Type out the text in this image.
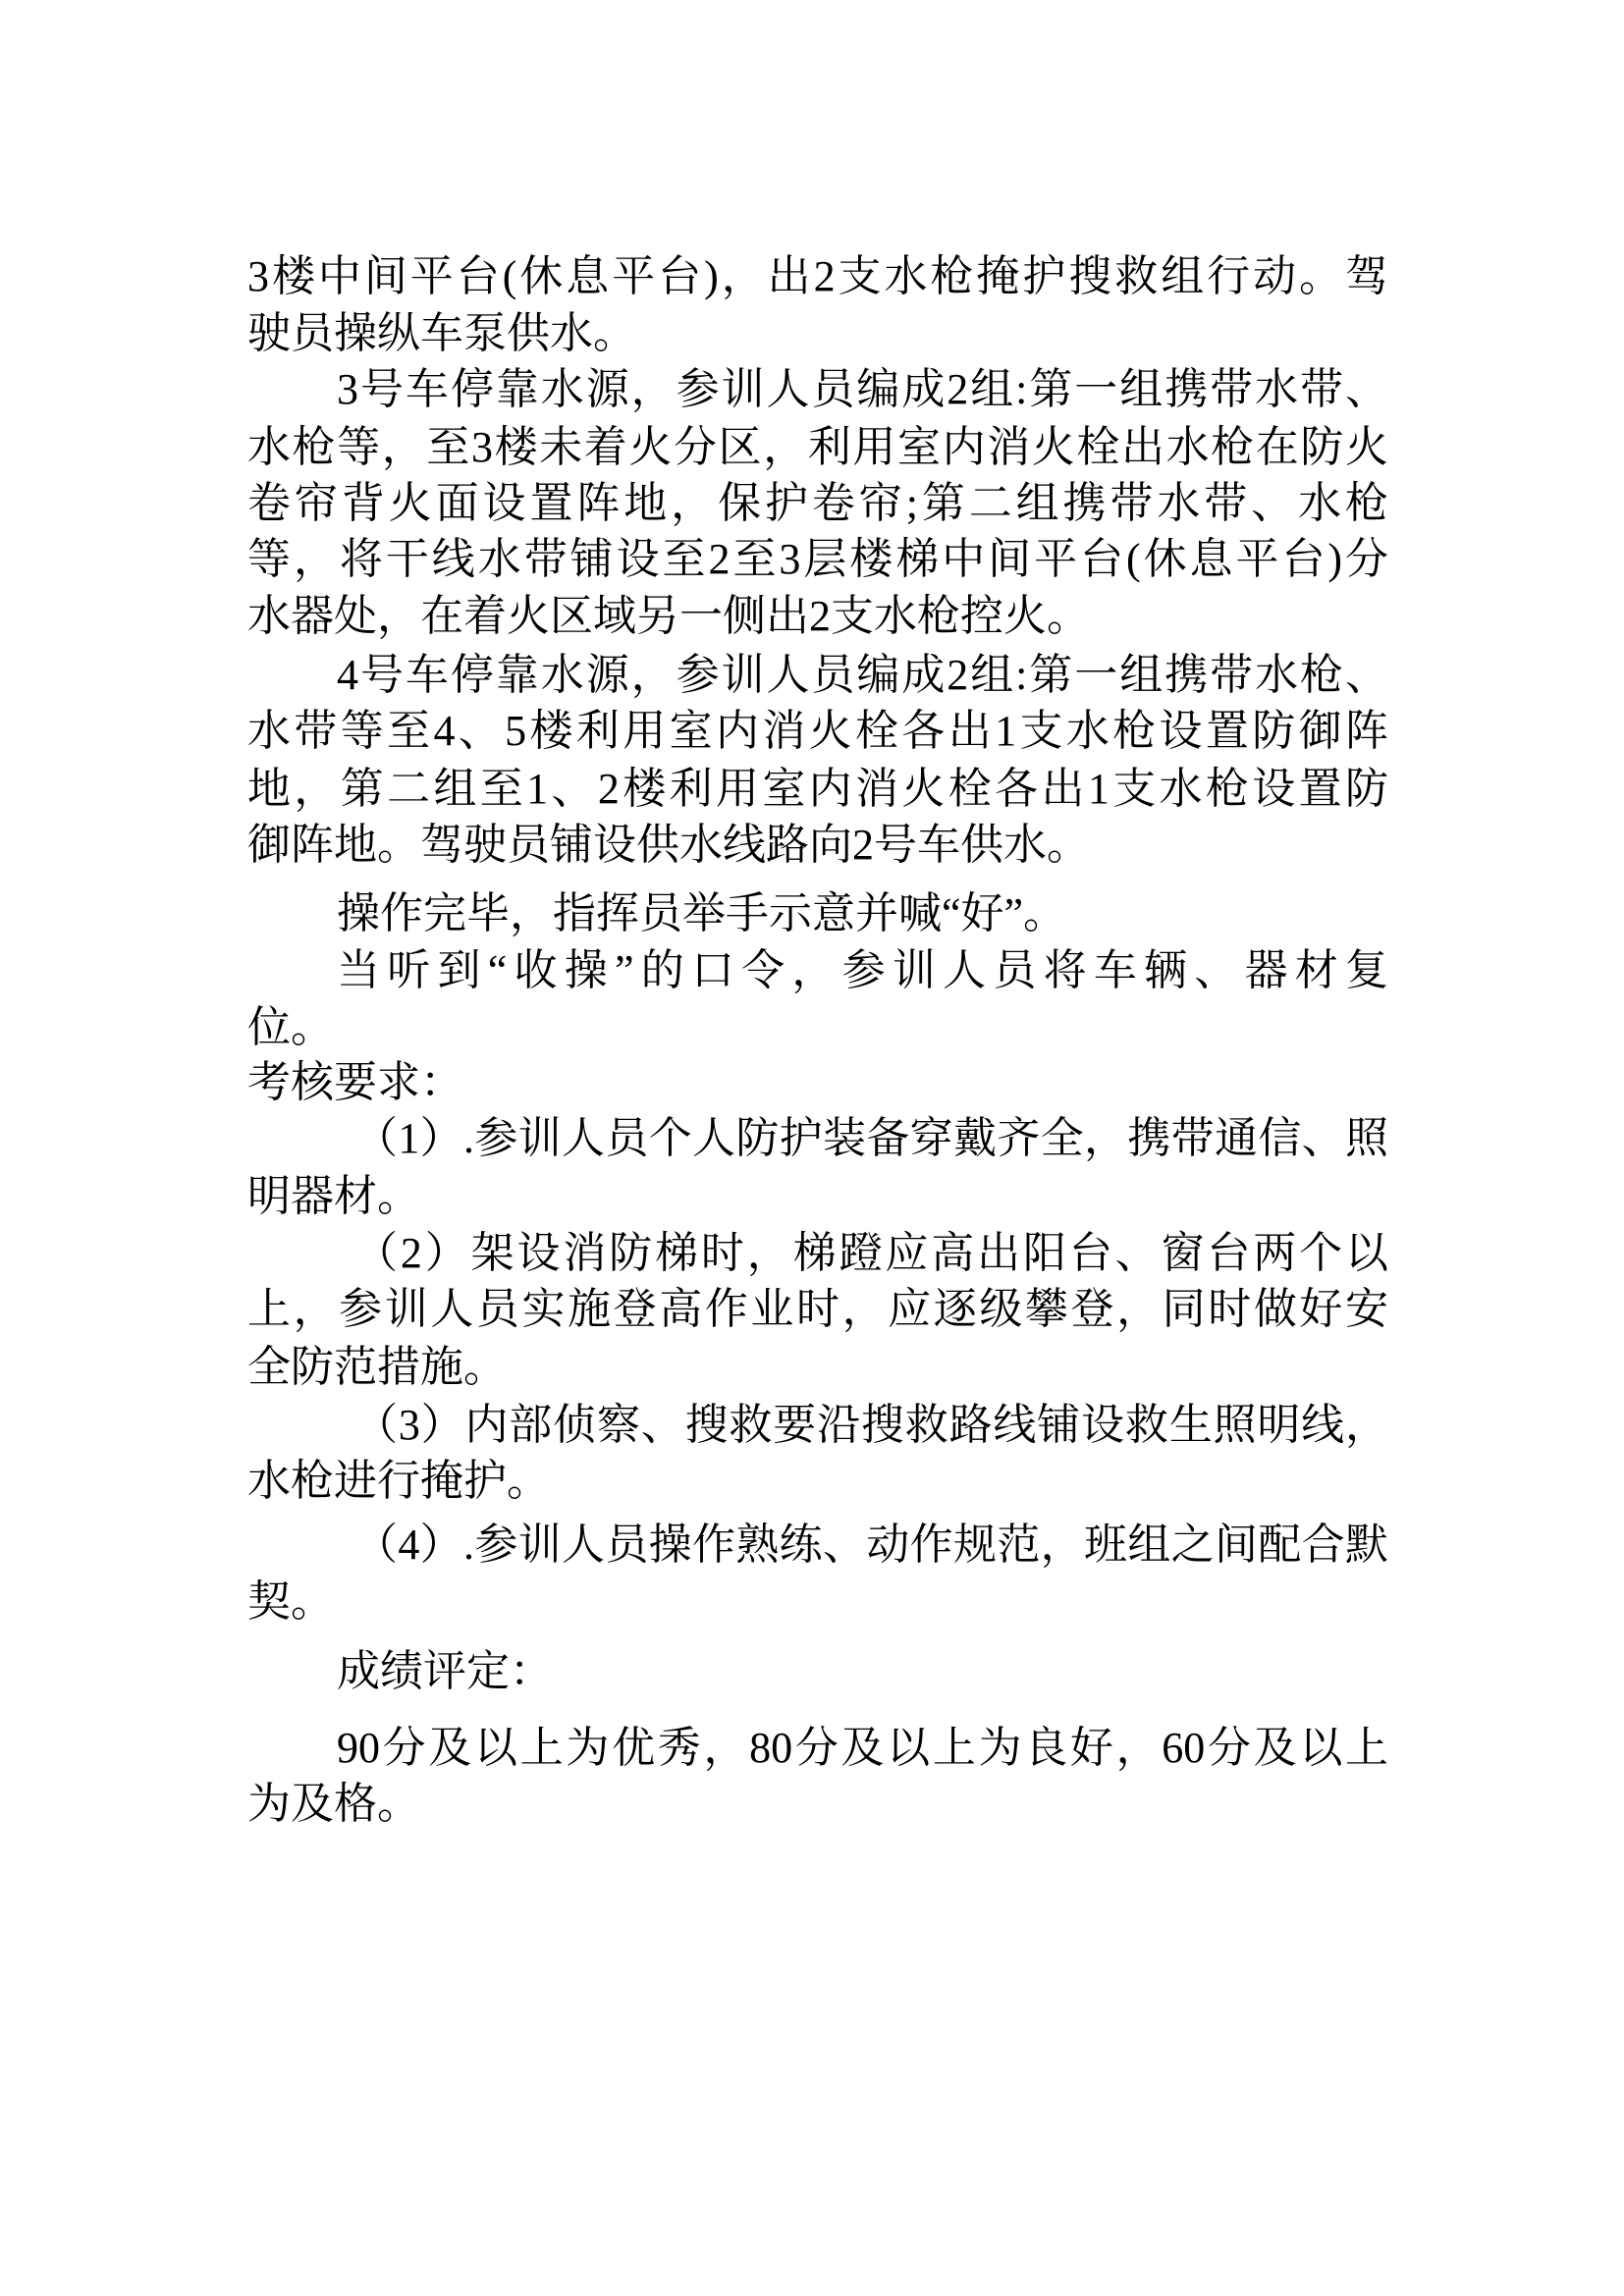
3楼中间平台(休息平台)，出2支水枪掩护搜救组行动。驾
驶员操纵车泵供水。
3号车停靠水源，参训人员编成2组:第一组携带水带、
水枪等，至3楼未着火分区，利用室内消火栓出水枪在防火
卷帘背火面设置阵地，保护卷帘;第二组携带水带、水枪
等，将干线水带铺设至2至3层楼梯中间平台(休息平台)分
水器处，在着火区域另一侧出2支水枪控火。
4号车停靠水源，参训人员编成2组:第一组携带水枪、
水带等至4、5楼利用室内消火栓各出1支水枪设置防御阵
地，第二组至1、2楼利用室内消火栓各出1支水枪设置防
御阵地。驾驶员铺设供水线路向2号车供水。
操作完毕，指挥员举手示意并喊“好”。
当听到“收操”的口令，参训人员将车辆、器材复
位。
考核要求：
（1）.参训人员个人防护装备穿戴齐全，携带通信、照
明器材。
（2）架设消防梯时，梯蹬应高出阳台、窗台两个以
上，参训人员实施登高作业时，应逐级攀登，同时做好安
全防范措施。
（3）内部侦察、搜救要沿搜救路线铺设救生照明线，
水枪进行掩护。
（4）.参训人员操作熟练、动作规范，班组之间配合默
契。
成绩评定：
90分及以上为优秀，80分及以上为良好，60分及以上
为及格。
